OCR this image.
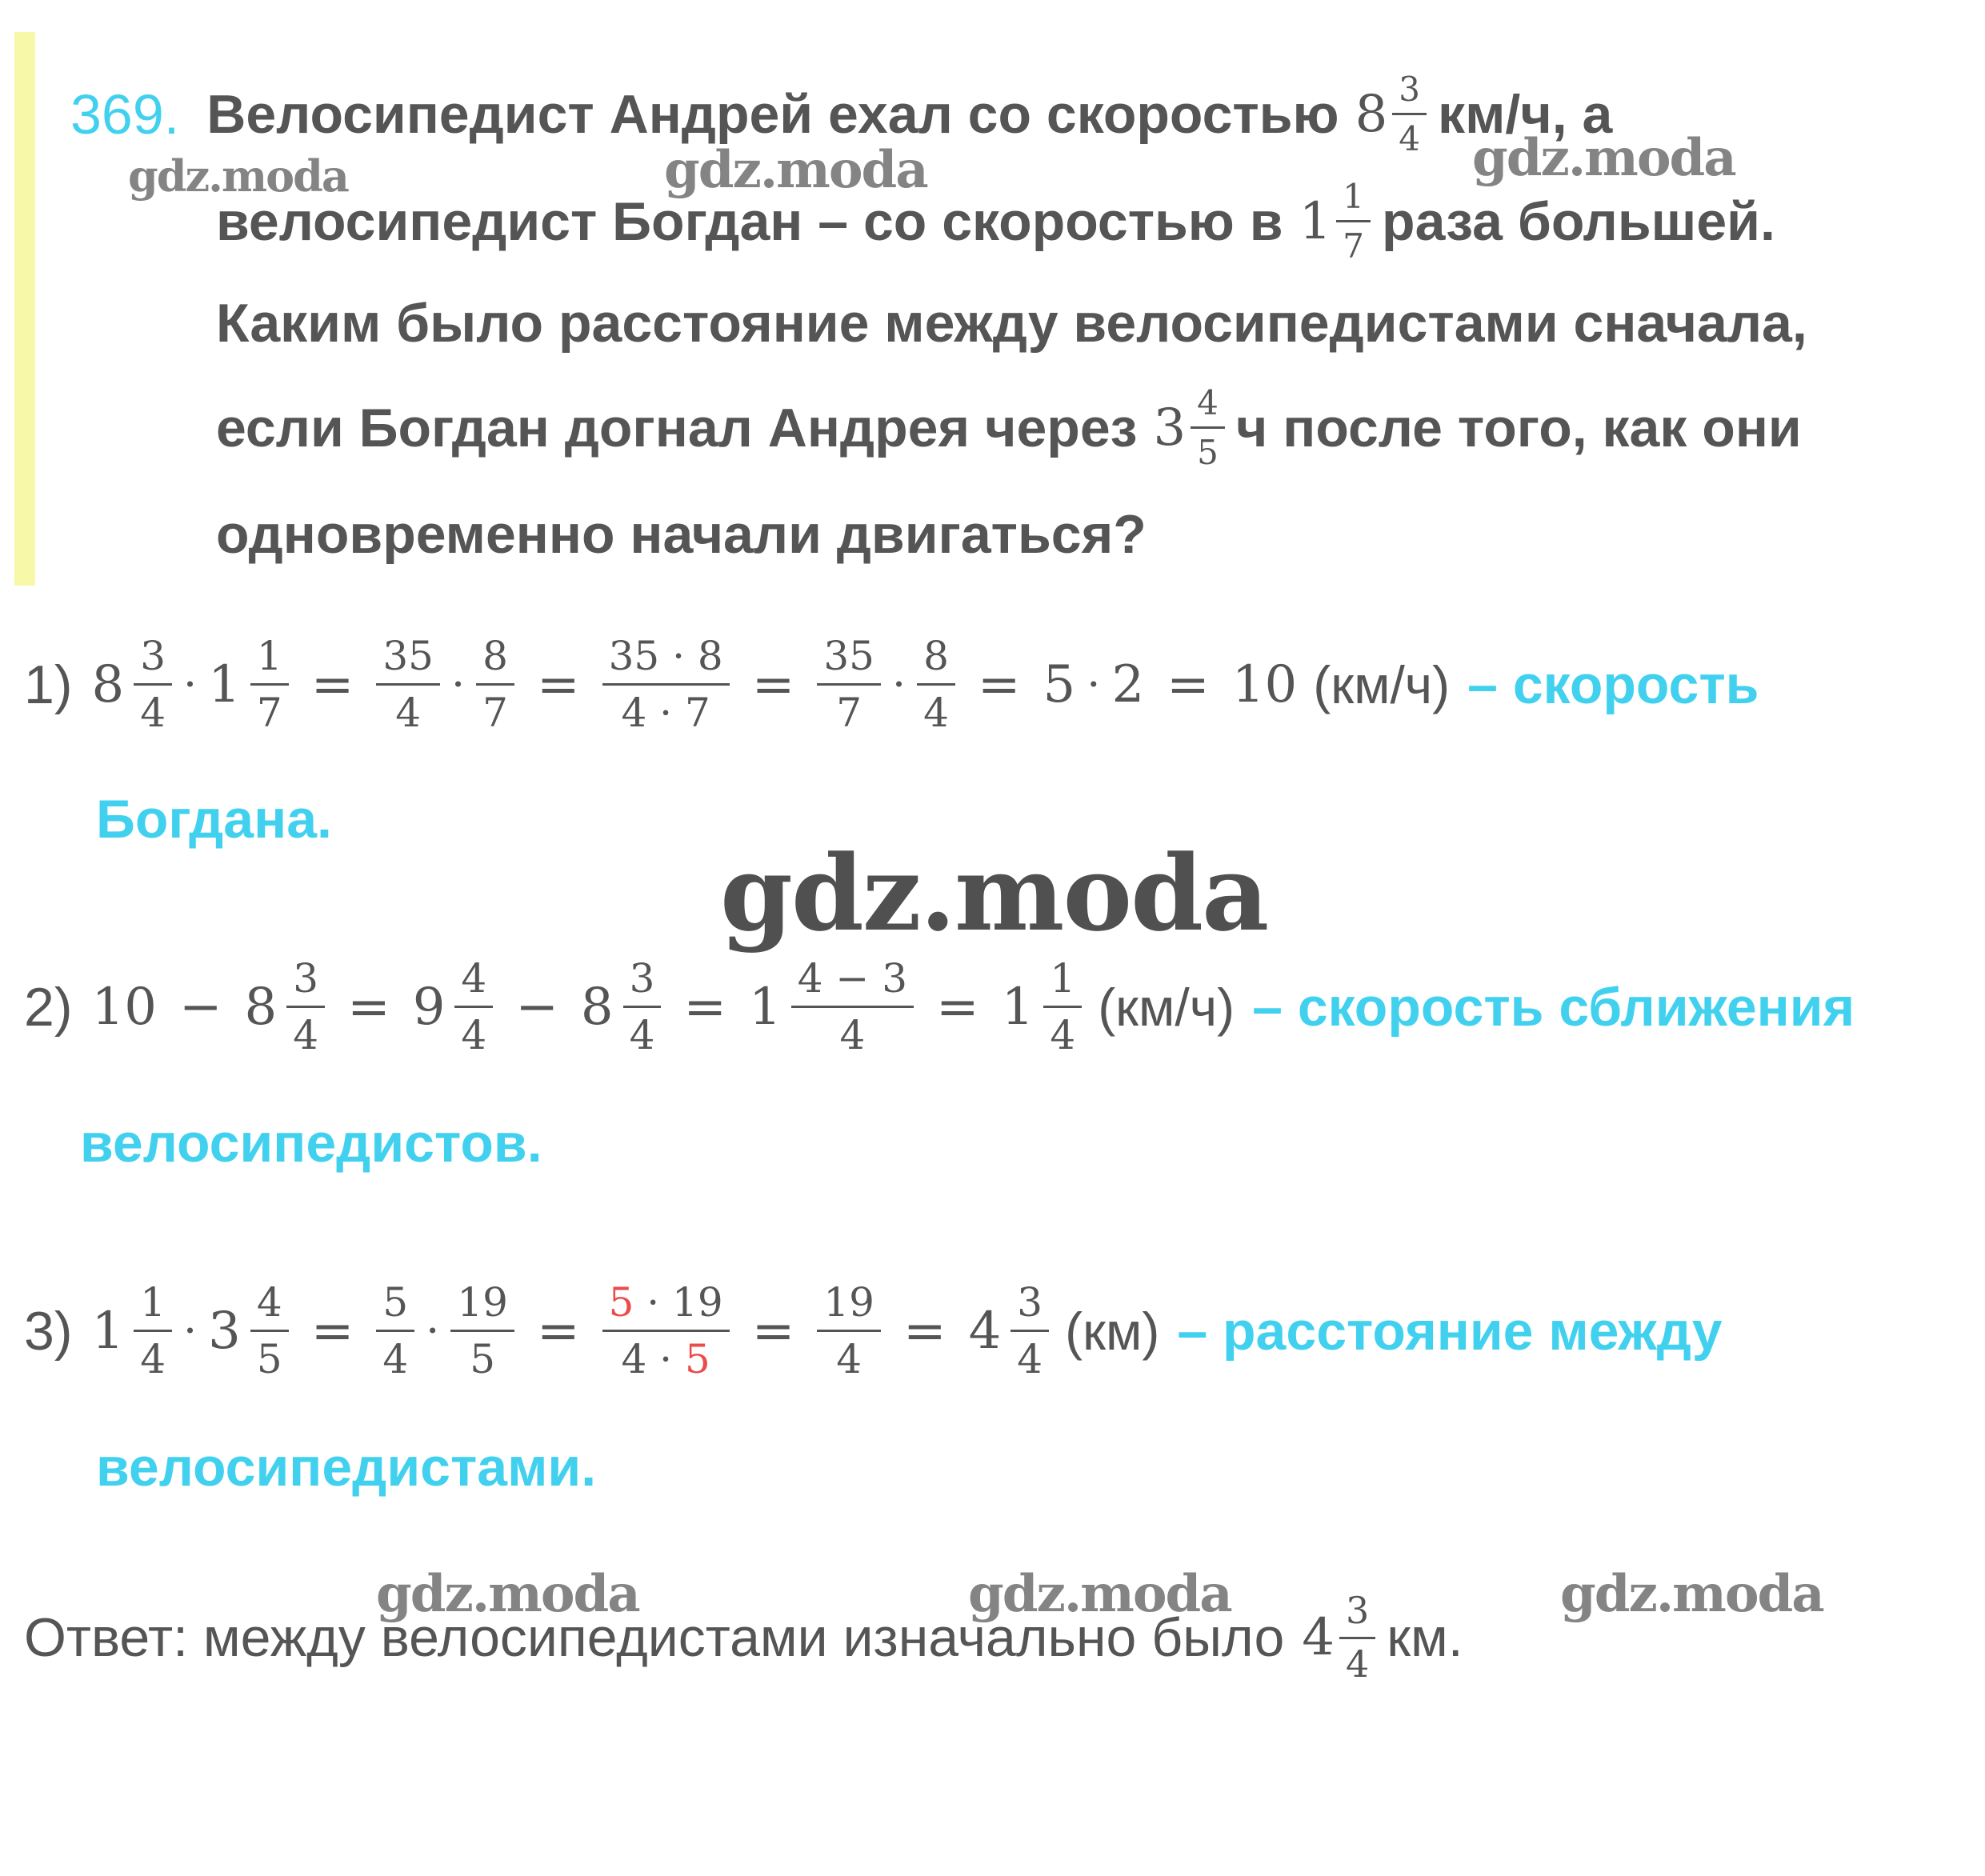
369. Велосипедист Андрей ехал со скоростью $8 \frac{3}{4} км/ч$, а
велосипедист Богдан – со скоростью в $1 \frac{1}{7}$ раза большей.
Каким было расстояние между велосипедистами сначала,
если Богдан догнал Андрея через $3 \frac{4}{5}$ ч после того, как они
одновременно начали двигаться?
1) $8 \frac{3}{4} \cdot 1 \frac{1}{7} = \frac{35}{4} \cdot \frac{8}{7} = \frac{35 \cdot 8}{4 \cdot 7} = \frac{35}{7} \cdot \frac{8}{4} = 5 \cdot 2 = 10$ (км/ч) – скорость
Богдана.
2) $10 - 8 \frac{3}{4} = 9 \frac{4}{4} - 8 \frac{3}{4} = 1 \frac{4 - 3}{4} = 1 \frac{1}{4} (км/ч)$ – скорость сближения
велосипедистов.
3) $1 \frac{1}{4} \cdot 3 \frac{4}{5} = \frac{5}{4} \cdot \frac{19}{5} = \frac{5 \cdot 19}{4 \cdot 5} = \frac{19}{4} = 4 \frac{3}{4} (км)$ – расстояние между
велосипедистами.
Ответ: между велосипедистами изначально было $4 \frac{3}{4}$ км.
gdz.moda	gdz.moda	gdz.moda
gdz.moda
gdz.moda	gdz.moda	gdz.moda
